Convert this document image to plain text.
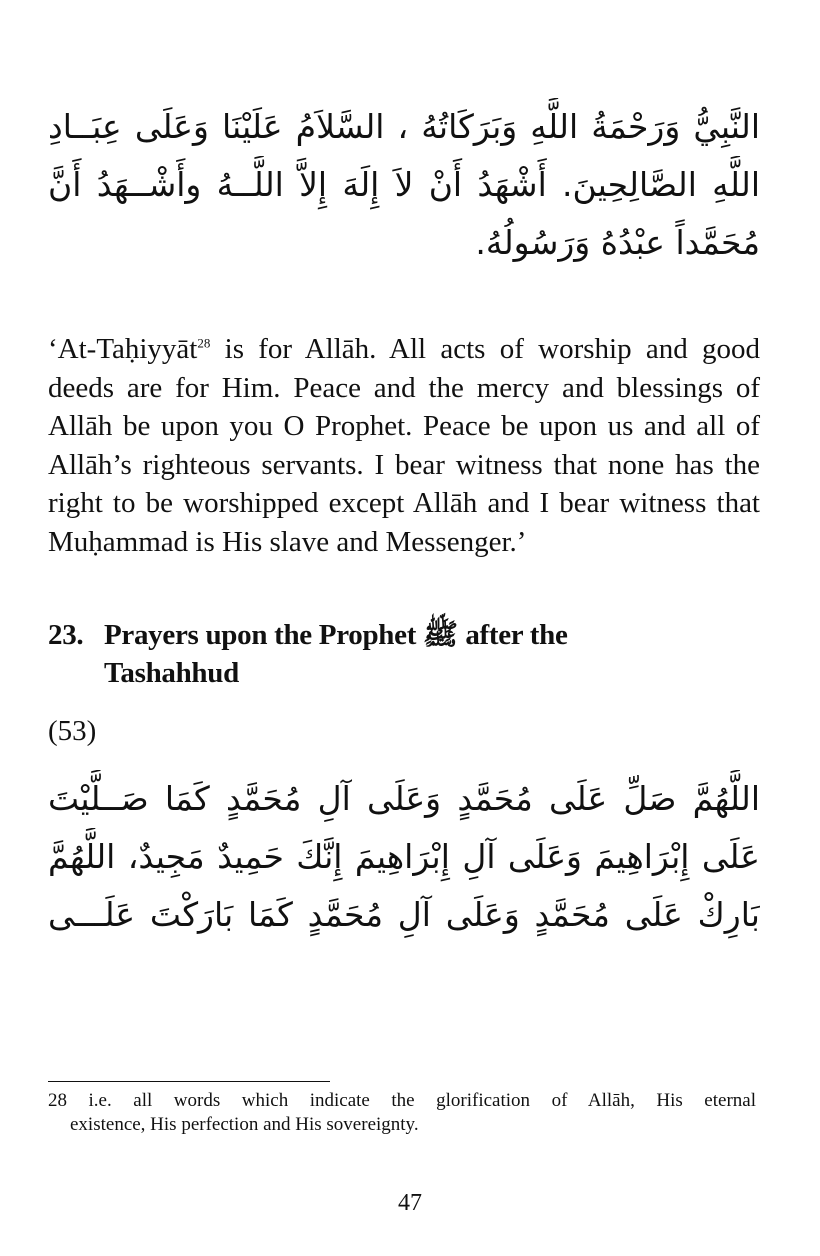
النَّبِيُّ وَرَحْمَةُ اللَّهِ وَبَرَكَاتُهُ ، السَّلاَمُ عَلَيْنَا وَعَلَى عِبَــادِ
اللَّهِ الصَّالِحِينَ. أَشْهَدُ أَنْ لاَ إِلَهَ إِلاَّ اللَّــهُ وأَشْــهَدُ أَنَّ
مُحَمَّداً عبْدُهُ وَرَسُولُهُ.
‘At-Taḥiyyāt$^{28}$ is for Allāh. All acts of worship and good deeds are for Him. Peace and the mercy and blessings of Allāh be upon you O Prophet. Peace be upon us and all of Allāh’s righteous servants. I bear witness that none has the right to be worshipped except Allāh and I bear witness that Muḥammad is His slave and Messenger.’
23. Prayers upon the Prophet ﷺ after the
Tashahhud
(53)
اللَّهُمَّ صَلِّ عَلَى مُحَمَّدٍ وَعَلَى آلِ مُحَمَّدٍ كَمَا صَــلَّيْتَ
عَلَى إِبْرَاهِيمَ وَعَلَى آلِ إِبْرَاهِيمَ إِنَّكَ حَمِيدٌ مَجِيدٌ، اللَّهُمَّ
بَارِكْ عَلَى مُحَمَّدٍ وَعَلَى آلِ مُحَمَّدٍ كَمَا بَارَكْتَ عَلَـــى
28 i.e. all words which indicate the glorification of Allāh, His eternal
existence, His perfection and His sovereignty.
47
